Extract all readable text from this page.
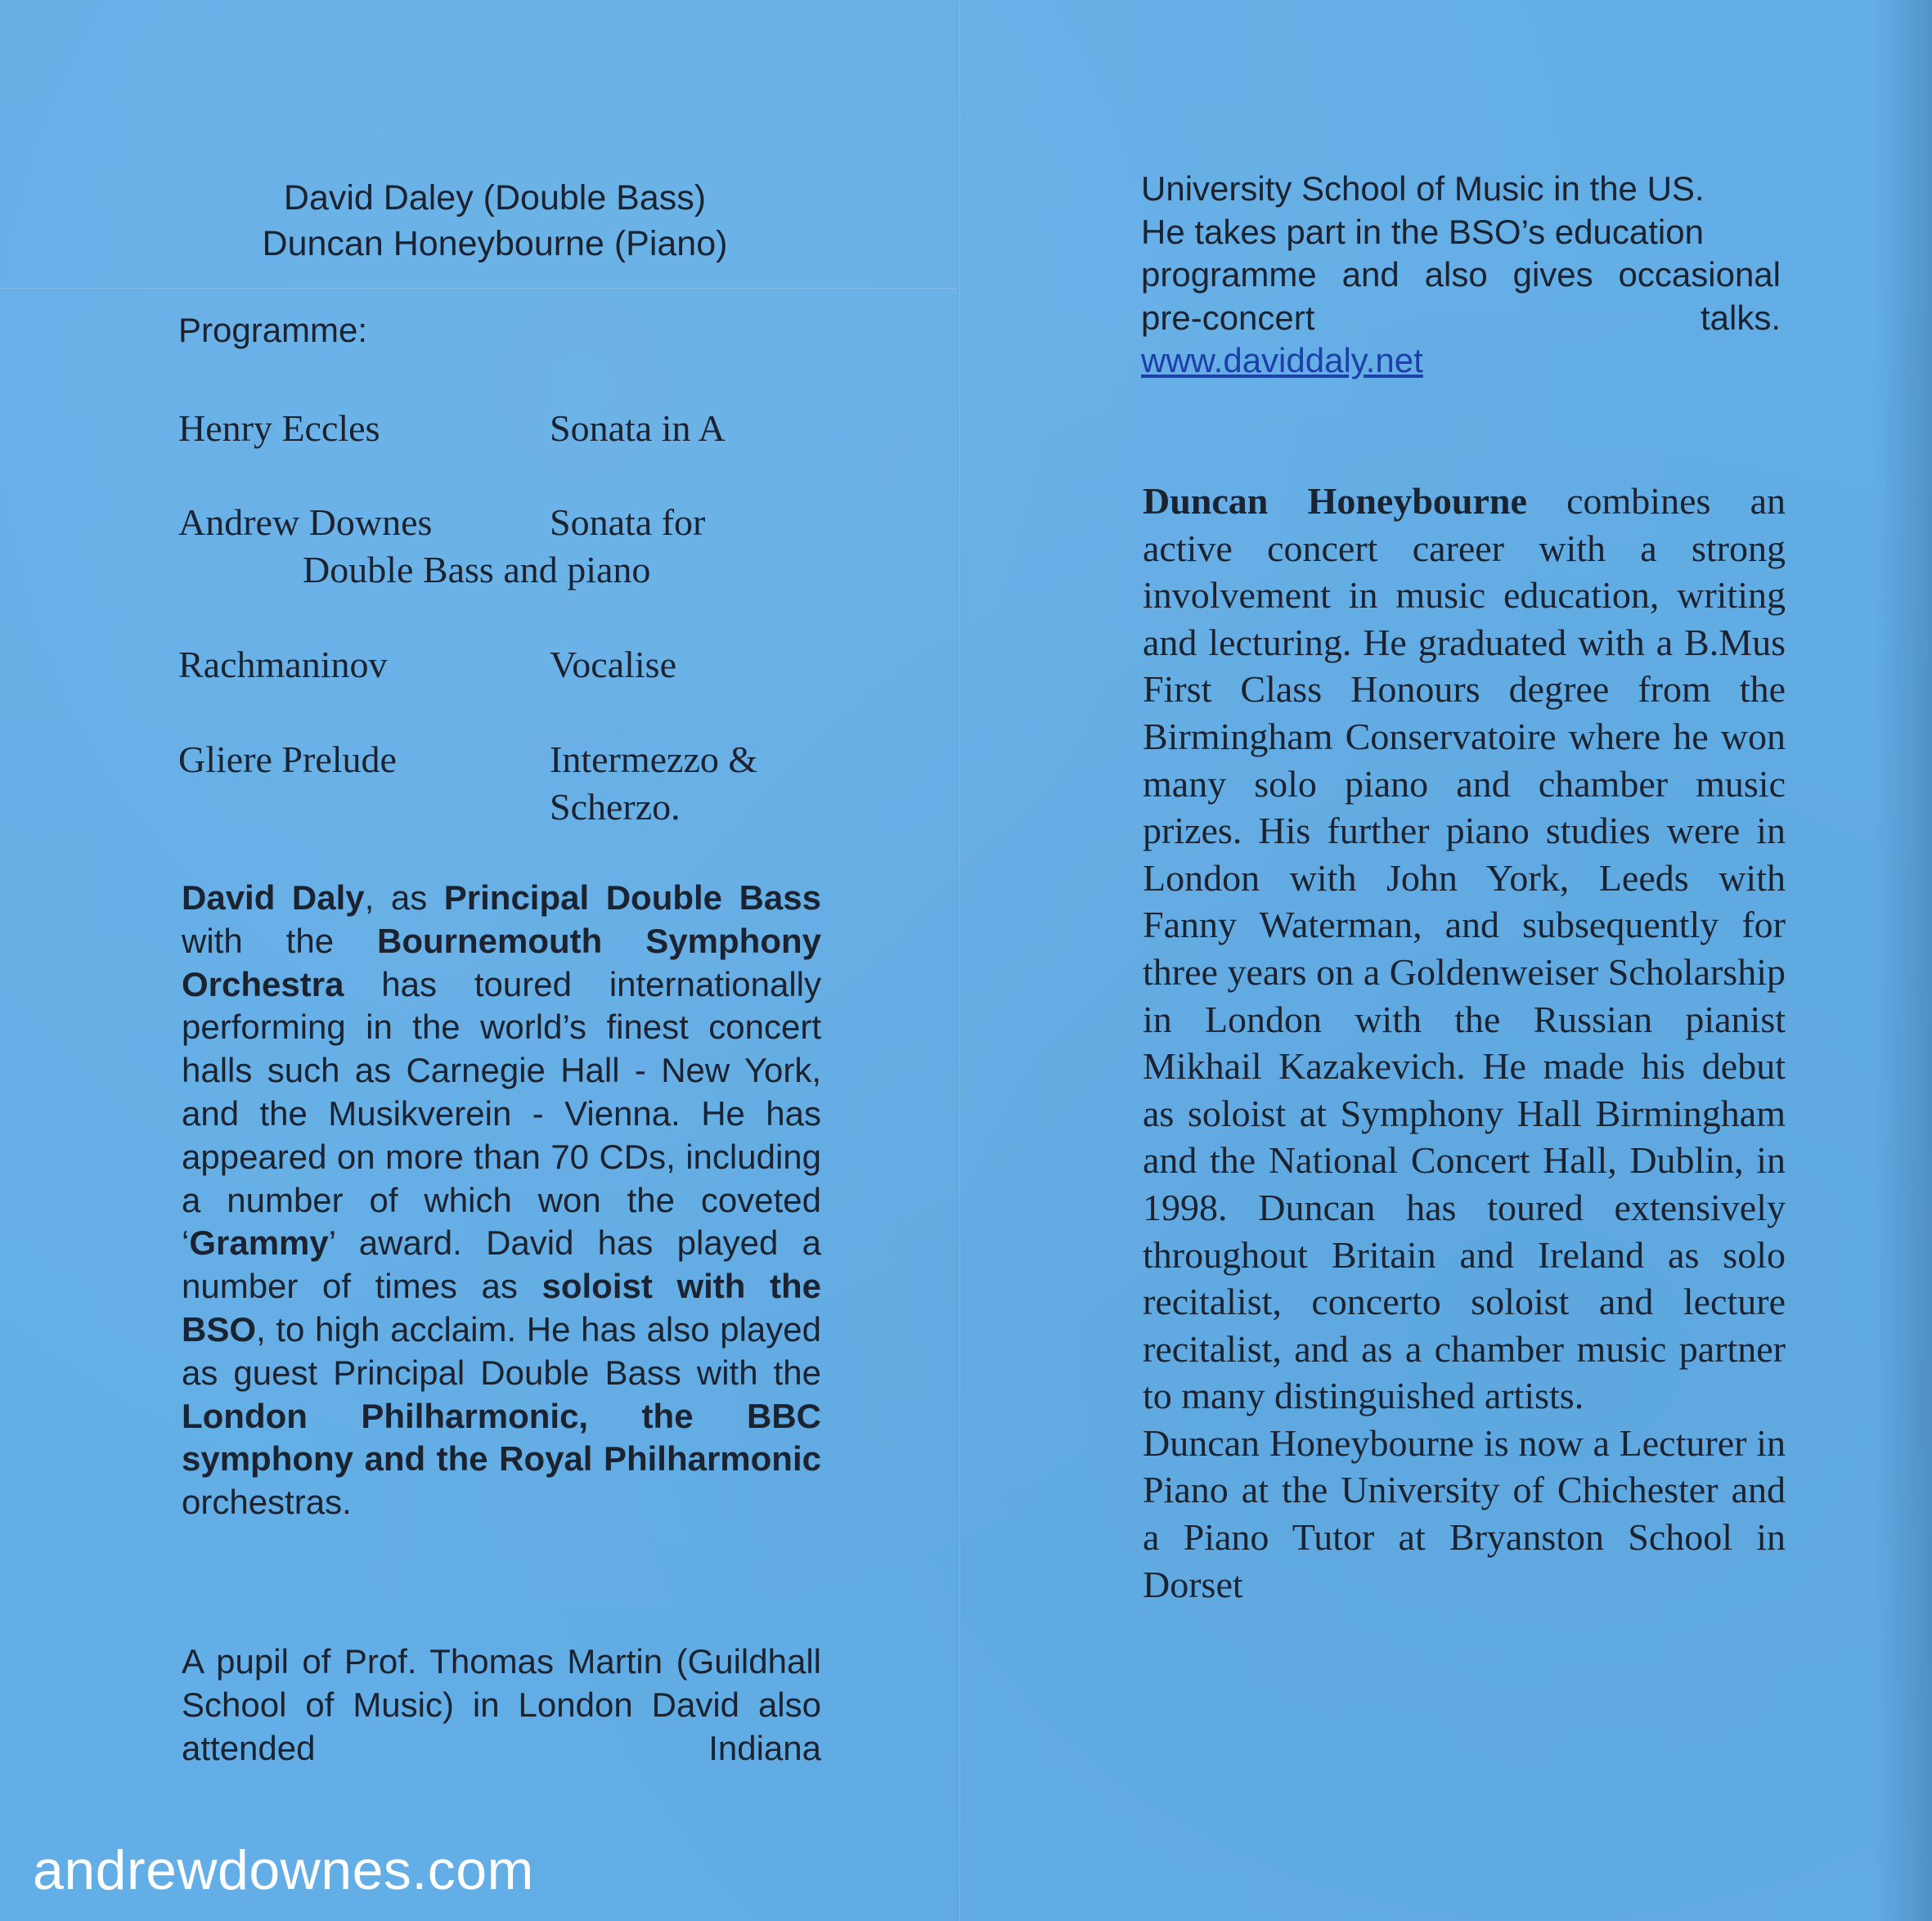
David Daley (Double Bass)
Duncan Honeybourne (Piano)
Programme:
Henry Eccles	Sonata in A
Andrew Downes	Sonata for
Double Bass and piano
Rachmaninov	Vocalise
Gliere Prelude	Intermezzo &
Scherzo.
David Daly, as Principal Double Bass with the Bournemouth Symphony Orchestra has toured internationally performing in the world’s finest concert halls such as Carnegie Hall - New York, and the Musikverein - Vienna. He has appeared on more than 70 CDs, including a number of which won the coveted ‘Grammy’ award. David has played a number of times as soloist with the BSO, to high acclaim. He has also played as guest Principal Double Bass with the London Philharmonic, the BBC symphony and the Royal Philharmonic orchestras.
A pupil of Prof. Thomas Martin (Guildhall School of Music) in London David also attended Indiana
University School of Music in the US.
He takes part in the BSO’s education
programme and also gives occasional
pre-concert talks.
www.daviddaly.net
Duncan Honeybourne combines an active concert career with a strong involvement in music education, writing and lecturing. He graduated with a B.Mus First Class Honours degree from the Birmingham Conservatoire where he won many solo piano and chamber music prizes. His further piano studies were in London with John York, Leeds with Fanny Waterman, and subsequently for three years on a Goldenweiser Scholarship in London with the Russian pianist Mikhail Kazakevich. He made his debut as soloist at Symphony Hall Birmingham and the National Concert Hall, Dublin, in 1998. Duncan has toured extensively throughout Britain and Ireland as solo recitalist, concerto soloist and lecture recitalist, and as a chamber music partner to many distinguished artists.
Duncan Honeybourne is now a Lecturer in Piano at the University of Chichester and a Piano Tutor at Bryanston School in Dorset
andrewdownes.com
